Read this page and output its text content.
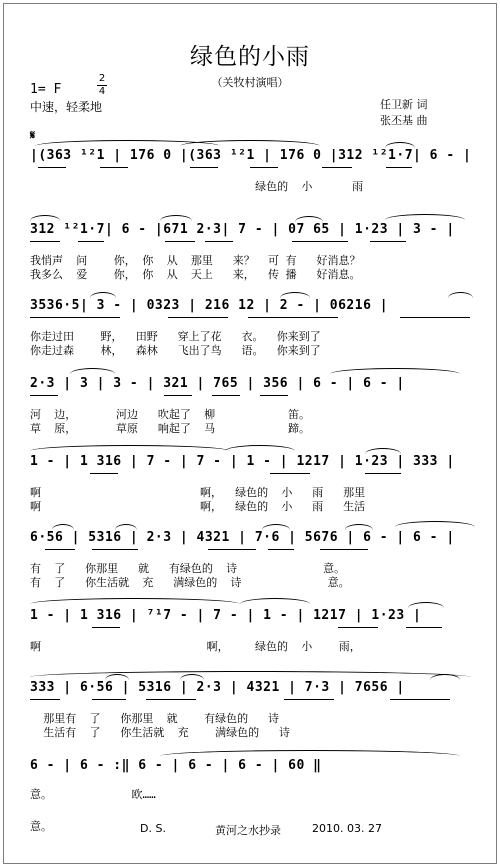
绿色的小雨
（关牧村演唱）
1= F
2
4
中速，轻柔地	任卫新 词
张丕基 曲
𝄋
|(363 ¹²1 | 176 0 |(363 ¹²1 | 176 0 |312 ¹²1·7| 6 - |
绿色的  小      雨
312 ¹²1·7| 6 - |671 2·3| 7 - | 07 65 | 1·23 | 3 - |
我悄声  问    你， 你  从  那里   来？  可 有   好消息？
我多么  爱    你， 你  从  天上   来，  传 播   好消息。
3536·5| 3 - | 0323 | 216 12 | 2 - | 06216 |
你走过田    野，  田野   穿上了花   衣。  你来到了
你走过森    林，  森林   飞出了鸟   语。  你来到了
2·3 | 3 | 3 - | 321 | 765 | 356 | 6 - | 6 - |
河  边，      河边   吹起了  柳           笛。
草  原，      草原   响起了  马           蹄。
1 - | 1 316 | 7 - | 7 - | 1 - | 1217 | 1·23 | 333 |
啊                        啊，  绿色的  小   雨   那里
啊                        啊，  绿色的  小   雨   生活
6·56 | 5316 | 2·3 | 4321 | 7·6 | 5676 | 6 - | 6 - |
有  了   你那里   就   有绿色的  诗             意。
有  了   你生活就  充   满绿色的  诗             意。
1 - | 1 316 | ⁷¹7 - | 7 - | 1 - | 1217 | 1·23 |
啊                         啊，    绿色的  小    雨，
333 | 6·56 | 5316 | 2·3 | 4321 | 7·3 | 7656 |
那里有  了   你那里  就    有绿色的   诗
生活有  了   你生活就  充    满绿色的   诗
6 - | 6 - :‖ 6 - | 6 - | 6 - | 60 ‖
意。            欧……
意。	D. S.	黄河之水抄录	2010. 03. 27
